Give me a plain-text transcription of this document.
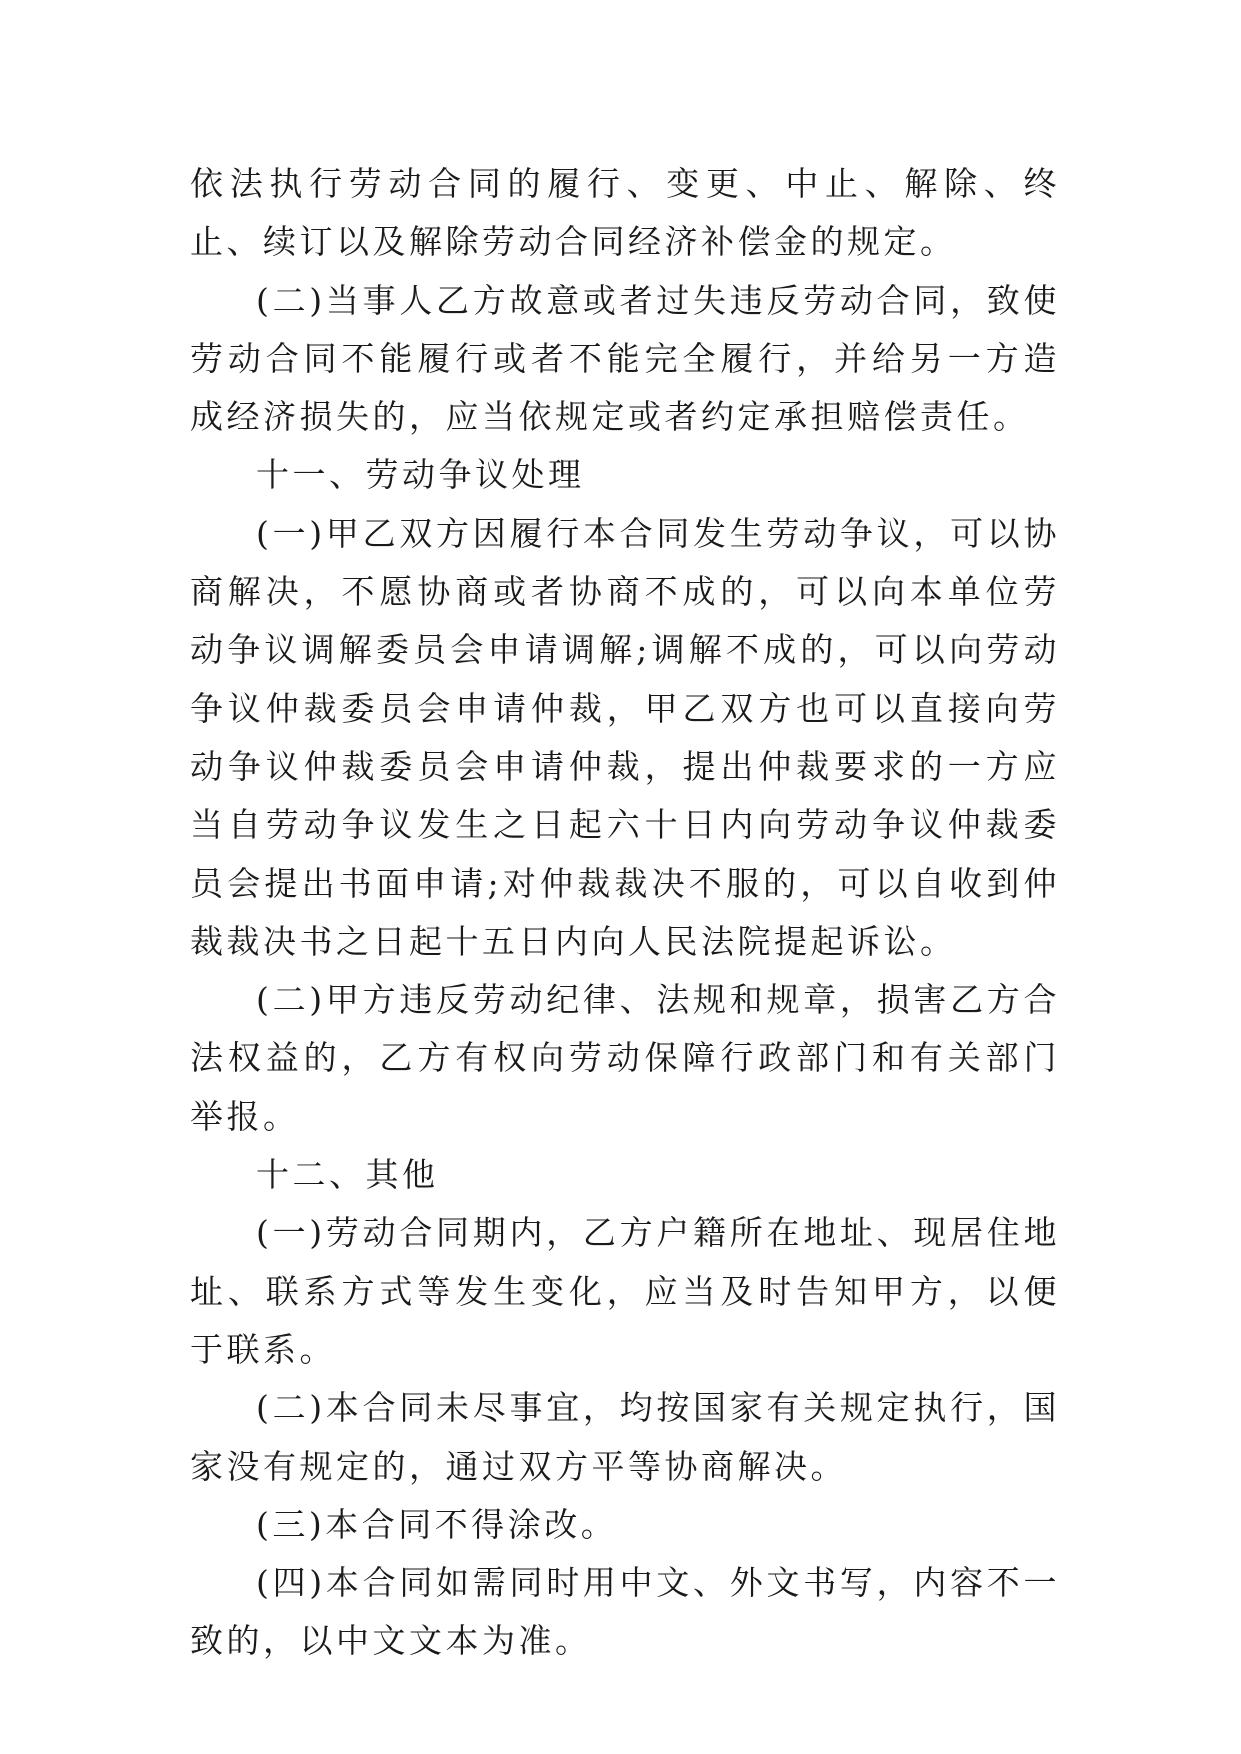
依法执行劳动合同的履行、变更、中止、解除、终止、续订以及解除劳动合同经济补偿金的规定。

(二)当事人乙方故意或者过失违反劳动合同，致使劳动合同不能履行或者不能完全履行，并给另一方造成经济损失的，应当依规定或者约定承担赔偿责任。

十一、劳动争议处理

(一)甲乙双方因履行本合同发生劳动争议，可以协商解决，不愿协商或者协商不成的，可以向本单位劳动争议调解委员会申请调解;调解不成的，可以向劳动争议仲裁委员会申请仲裁，甲乙双方也可以直接向劳动争议仲裁委员会申请仲裁，提出仲裁要求的一方应当自劳动争议发生之日起六十日内向劳动争议仲裁委员会提出书面申请;对仲裁裁决不服的，可以自收到仲裁裁决书之日起十五日内向人民法院提起诉讼。

(二)甲方违反劳动纪律、法规和规章，损害乙方合法权益的，乙方有权向劳动保障行政部门和有关部门举报。

十二、其他

(一)劳动合同期内，乙方户籍所在地址、现居住地址、联系方式等发生变化，应当及时告知甲方，以便于联系。

(二)本合同未尽事宜，均按国家有关规定执行，国家没有规定的，通过双方平等协商解决。

(三)本合同不得涂改。

(四)本合同如需同时用中文、外文书写，内容不一致的，以中文文本为准。
